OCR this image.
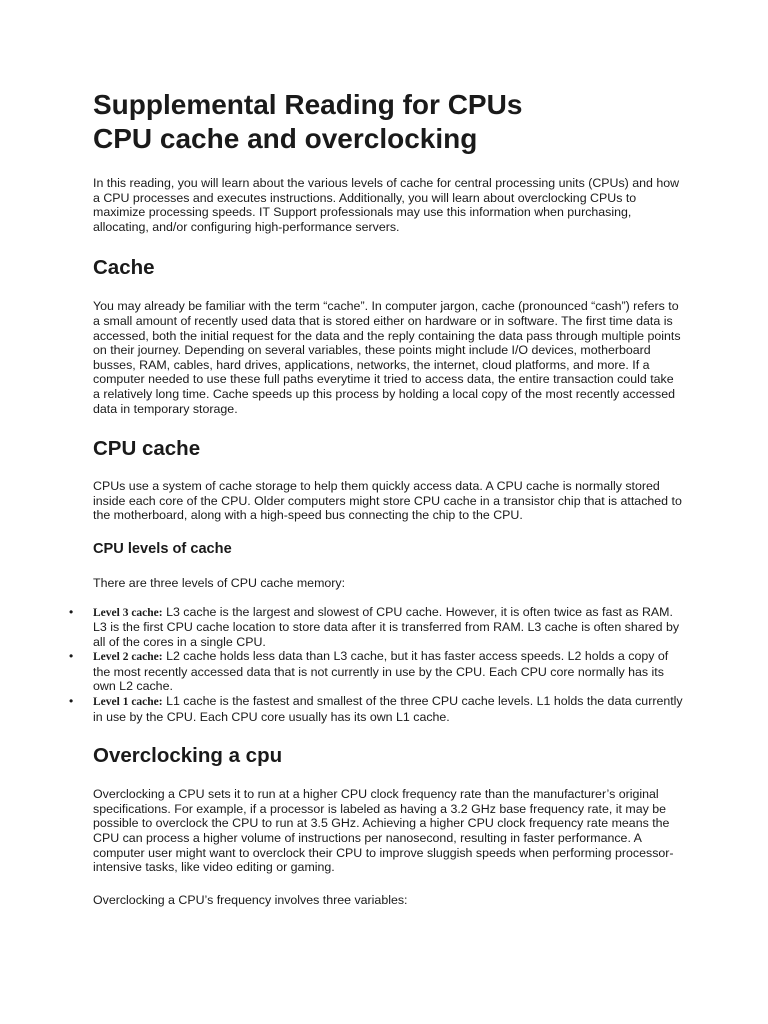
Supplemental Reading for CPUs
CPU cache and overclocking

In this reading, you will learn about the various levels of cache for central processing units (CPUs) and how a CPU processes and executes instructions. Additionally, you will learn about overclocking CPUs to maximize processing speeds. IT Support professionals may use this information when purchasing, allocating, and/or configuring high-performance servers.

Cache

You may already be familiar with the term “cache”. In computer jargon, cache (pronounced “cash”) refers to a small amount of recently used data that is stored either on hardware or in software. The first time data is accessed, both the initial request for the data and the reply containing the data pass through multiple points on their journey. Depending on several variables, these points might include I/O devices, motherboard busses, RAM, cables, hard drives, applications, networks, the internet, cloud platforms, and more. If a computer needed to use these full paths everytime it tried to access data, the entire transaction could take a relatively long time. Cache speeds up this process by holding a local copy of the most recently accessed data in temporary storage.

CPU cache

CPUs use a system of cache storage to help them quickly access data. A CPU cache is normally stored inside each core of the CPU. Older computers might store CPU cache in a transistor chip that is attached to the motherboard, along with a high-speed bus connecting the chip to the CPU.

CPU levels of cache

There are three levels of CPU cache memory:

• Level 3 cache: L3 cache is the largest and slowest of CPU cache. However, it is often twice as fast as RAM. L3 is the first CPU cache location to store data after it is transferred from RAM. L3 cache is often shared by all of the cores in a single CPU.
• Level 2 cache: L2 cache holds less data than L3 cache, but it has faster access speeds. L2 holds a copy of the most recently accessed data that is not currently in use by the CPU. Each CPU core normally has its own L2 cache.
• Level 1 cache: L1 cache is the fastest and smallest of the three CPU cache levels. L1 holds the data currently in use by the CPU. Each CPU core usually has its own L1 cache.
Overclocking a cpu

Overclocking a CPU sets it to run at a higher CPU clock frequency rate than the manufacturer’s original specifications. For example, if a processor is labeled as having a 3.2 GHz base frequency rate, it may be possible to overclock the CPU to run at 3.5 GHz. Achieving a higher CPU clock frequency rate means the CPU can process a higher volume of instructions per nanosecond, resulting in faster performance. A computer user might want to overclock their CPU to improve sluggish speeds when performing processor-intensive tasks, like video editing or gaming.

Overclocking a CPU’s frequency involves three variables:
